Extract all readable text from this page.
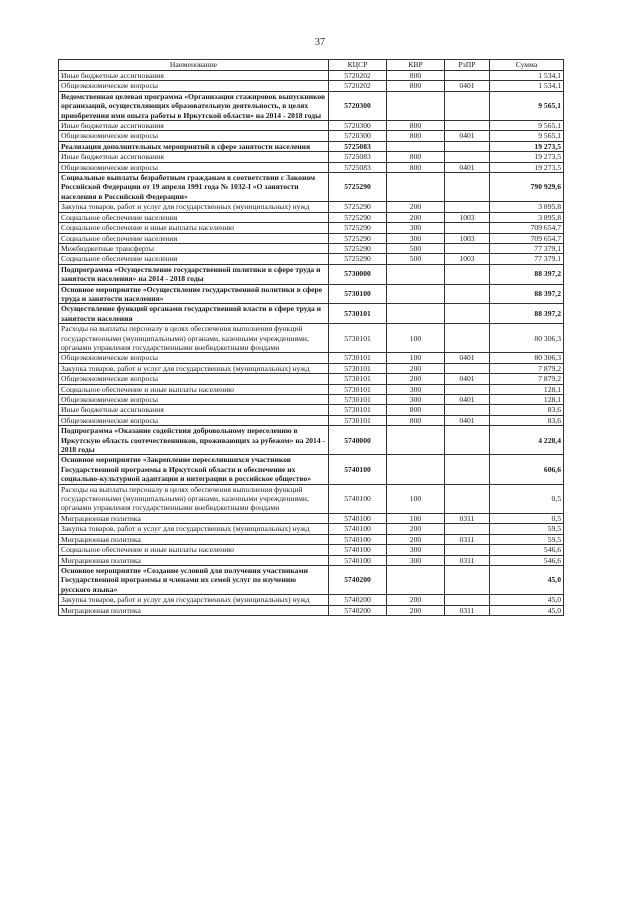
37
Наименование	КЦСР	КВР	РзПР	Сумма
Иные бюджетные ассигнования	5720202	800		1 534,1
Общеэкономические вопросы	5720202	800	0401	1 534,1
Ведомственная целевая программа «Организация стажировок выпускников организаций, осуществляющих образовательную деятельность, в целях приобретения ими опыта работы в Иркутской области» на 2014 - 2018 годы	5720300			9 565,1
Иные бюджетные ассигнования	5720300	800		9 565,1
Общеэкономические вопросы	5720300	800	0401	9 565,1
Реализация дополнительных мероприятий в сфере занятости населения	5725083			19 273,5
Иные бюджетные ассигнования	5725083	800		19 273,5
Общеэкономические вопросы	5725083	800	0401	19 273,5
Социальные выплаты безработным гражданам в соответствии с Законом Российской Федерации от 19 апреля 1991 года № 1032-I «О занятости населения в Российской Федерации»	5725290			790 929,6
Закупка товаров, работ и услуг для государственных (муниципальных) нужд	5725290	200		3 895,8
Социальное обеспечение населения	5725290	200	1003	3 895,8
Социальное обеспечение и иные выплаты населению	5725290	300		709 654,7
Социальное обеспечение населения	5725290	300	1003	709 654,7
Межбюджетные трансферты	5725290	500		77 379,1
Социальное обеспечение населения	5725290	500	1003	77 379,1
Подпрограмма «Осуществление государственной политики в сфере труда и занятости населения» на 2014 - 2018 годы	5730000			88 397,2
Основное мероприятие «Осуществление государственной политики в сфере труда и занятости населения»	5730100			88 397,2
Осуществление функций органами государственной власти в сфере труда и занятости населения	5730101			88 397,2
Расходы на выплаты персоналу в целях обеспечения выполнения функций государственными (муниципальными) органами, казенными учреждениями, органами управления государственными внебюджетными фондами	5730101	100		80 306,3
Общеэкономические вопросы	5730101	100	0401	80 306,3
Закупка товаров, работ и услуг для государственных (муниципальных) нужд	5730101	200		7 879,2
Общеэкономические вопросы	5730101	200	0401	7 879,2
Социальное обеспечение и иные выплаты населению	5730101	300		128,1
Общеэкономические вопросы	5730101	300	0401	128,1
Иные бюджетные ассигнования	5730101	800		83,6
Общеэкономические вопросы	5730101	800	0401	83,6
Подпрограмма «Оказание содействия добровольному переселению в Иркутскую область соотечественников, проживающих за рубежом» на 2014 - 2018 годы	5740000			4 228,4
Основное мероприятие «Закрепление переселившихся участников Государственной программы в Иркутской области и обеспечение их социально-культурной адаптации и интеграции в российское общество»	5740100			606,6
Расходы на выплаты персоналу в целях обеспечения выполнения функций государственными (муниципальными) органами, казенными учреждениями, органами управления государственными внебюджетными фондами	5740100	100		0,5
Миграционная политика	5740100	100	0311	0,5
Закупка товаров, работ и услуг для государственных (муниципальных) нужд	5740100	200		59,5
Миграционная политика	5740100	200	0311	59,5
Социальное обеспечение и иные выплаты населению	5740100	300		546,6
Миграционная политика	5740100	300	0311	546,6
Основное мероприятие «Создание условий для получения участниками Государственной программы и членами их семей услуг по изучению русского языка»	5740200			45,0
Закупка товаров, работ и услуг для государственных (муниципальных) нужд	5740200	200		45,0
Миграционная политика	5740200	200	0311	45,0
